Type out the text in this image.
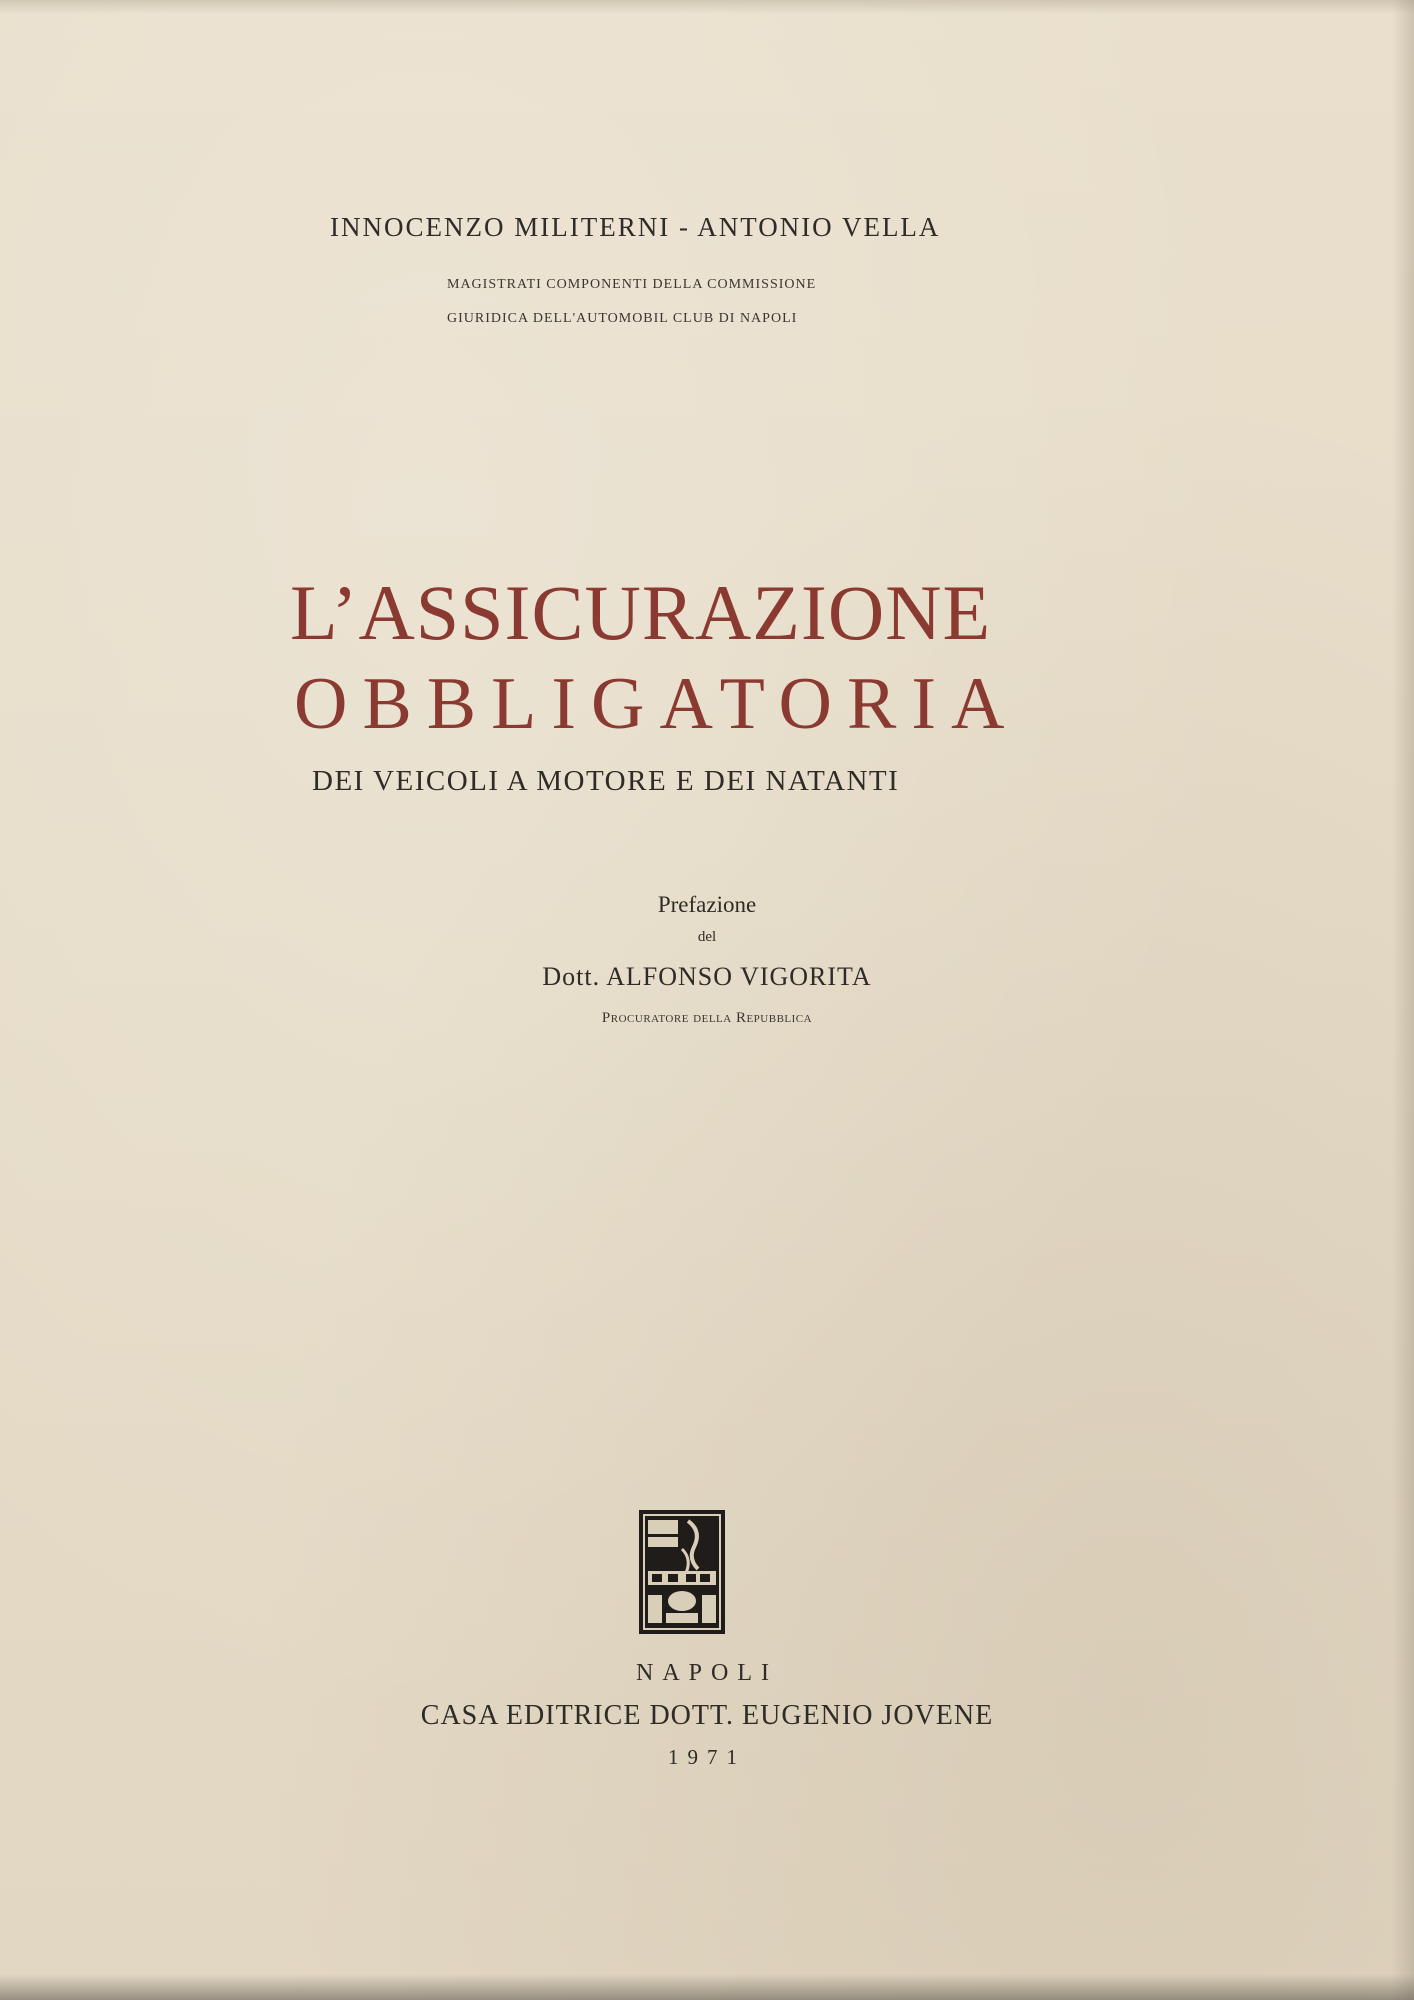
INNOCENZO MILITERNI - ANTONIO VELLA
MAGISTRATI COMPONENTI DELLA COMMISSIONE
GIURIDICA DELL'AUTOMOBIL CLUB DI NAPOLI
L’ASSICURAZIONE
OBBLIGATORIA
DEI VEICOLI A MOTORE E DEI NATANTI
Prefazione
del
Dott. ALFONSO VIGORITA
Procuratore della Repubblica
NAPOLI
CASA EDITRICE DOTT. EUGENIO JOVENE
1971
